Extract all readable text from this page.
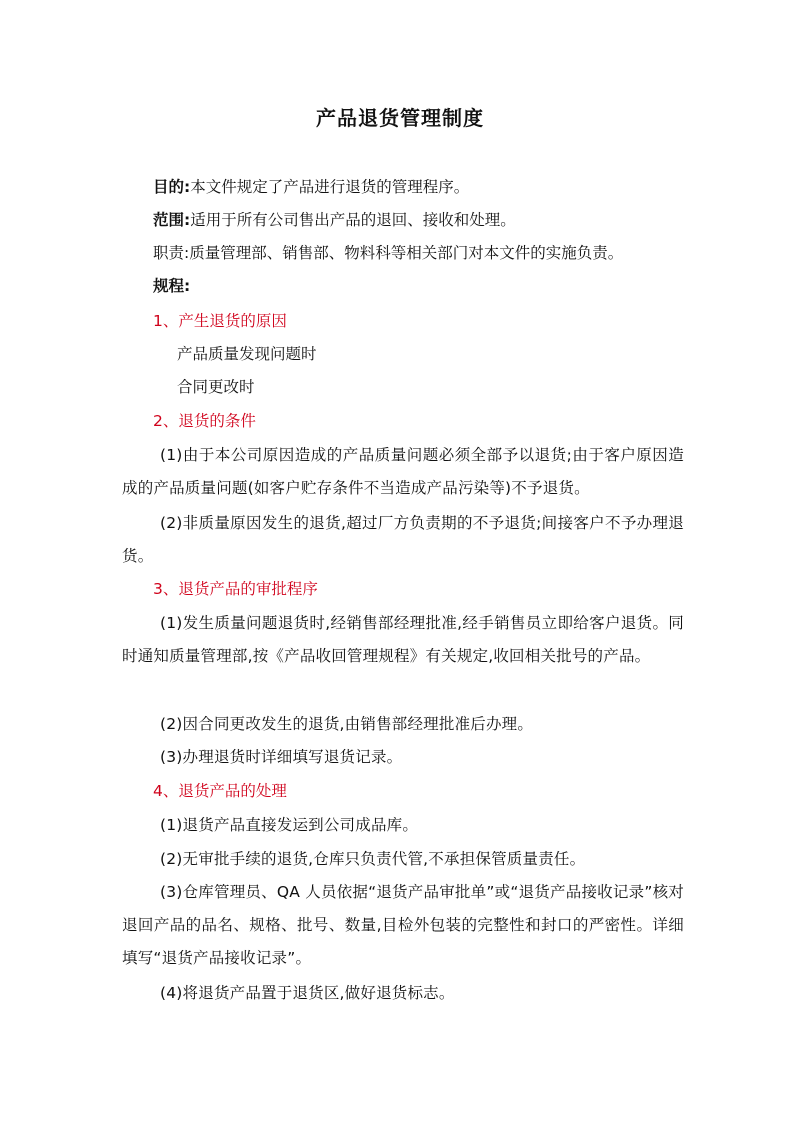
产品退货管理制度
目的:本文件规定了产品进行退货的管理程序。
范围:适用于所有公司售出产品的退回、接收和处理。
职责:质量管理部、销售部、物料科等相关部门对本文件的实施负责。
规程:
1、产生退货的原因
产品质量发现问题时
合同更改时
2、退货的条件
(1)由于本公司原因造成的产品质量问题必须全部予以退货;由于客户原因造成的产品质量问题(如客户贮存条件不当造成产品污染等)不予退货。
(2)非质量原因发生的退货,超过厂方负责期的不予退货;间接客户不予办理退货。
3、退货产品的审批程序
(1)发生质量问题退货时,经销售部经理批准,经手销售员立即给客户退货。同时通知质量管理部,按《产品收回管理规程》有关规定,收回相关批号的产品。
(2)因合同更改发生的退货,由销售部经理批准后办理。
(3)办理退货时详细填写退货记录。
4、退货产品的处理
(1)退货产品直接发运到公司成品库。
(2)无审批手续的退货,仓库只负责代管,不承担保管质量责任。
(3)仓库管理员、QA 人员依据“退货产品审批单”或“退货产品接收记录”核对退回产品的品名、规格、批号、数量,目检外包装的完整性和封口的严密性。详细填写“退货产品接收记录”。
(4)将退货产品置于退货区,做好退货标志。
